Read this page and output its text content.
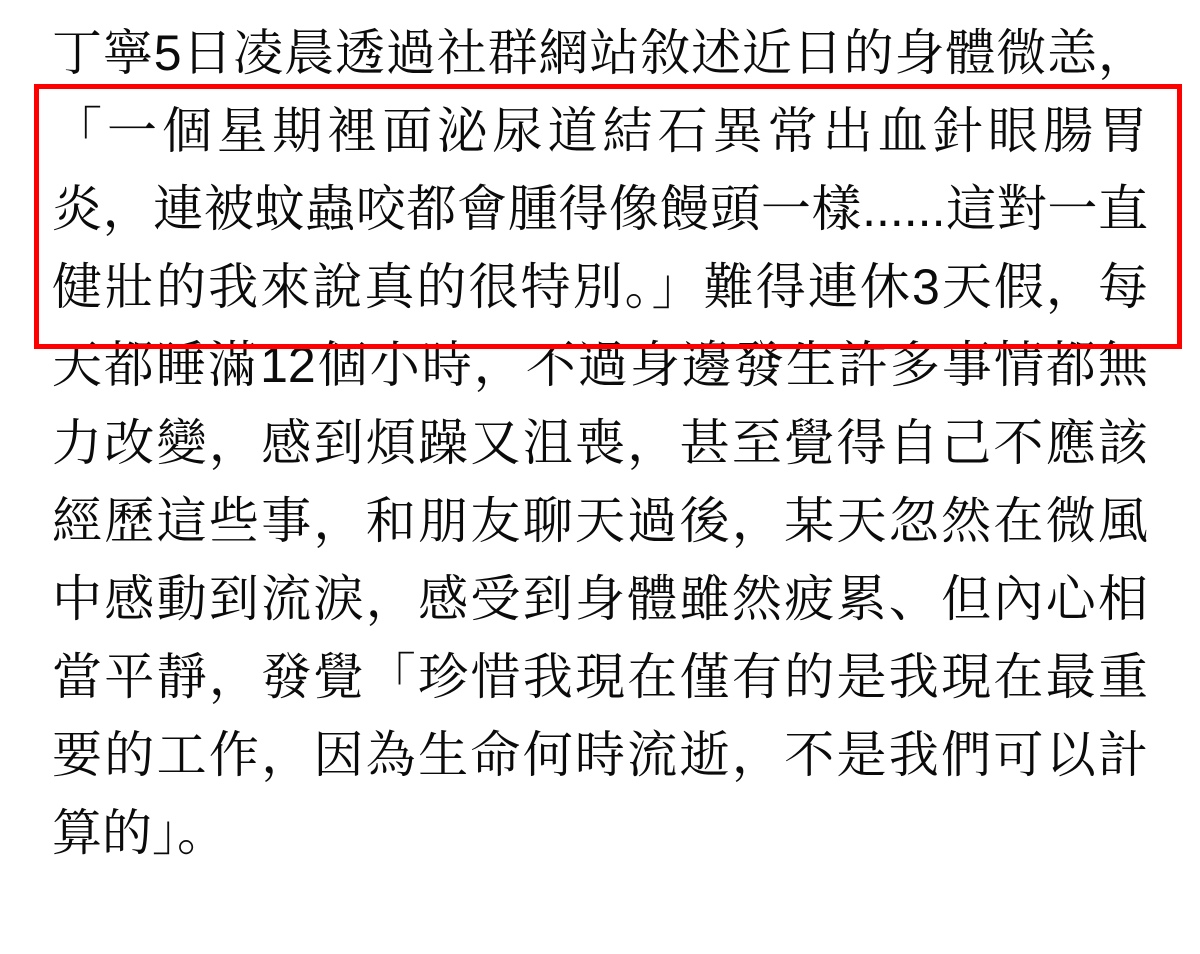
丁寧5日凌晨透過社群網站敘述近日的身體微恙，「一個星期裡面泌尿道結石異常出血針眼腸胃炎，連被蚊蟲咬都會腫得像饅頭一樣......這對一直健壯的我來說真的很特別。」難得連休3天假，每天都睡滿12個小時，不過身邊發生許多事情都無力改變，感到煩躁又沮喪，甚至覺得自己不應該經歷這些事，和朋友聊天過後，某天忽然在微風中感動到流淚，感受到身體雖然疲累、但內心相當平靜，發覺「珍惜我現在僅有的是我現在最重要的工作，因為生命何時流逝，不是我們可以計算的」。
